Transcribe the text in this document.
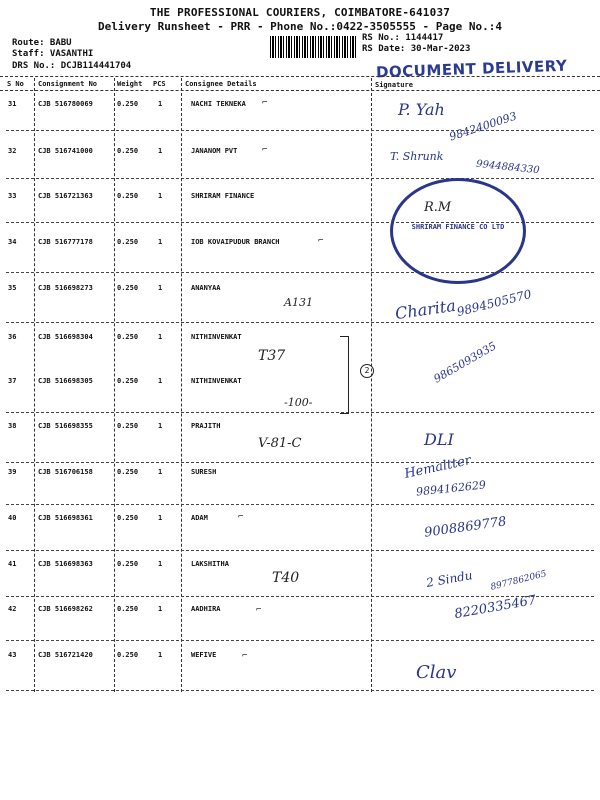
THE PROFESSIONAL COURIERS, COIMBATORE-641037
Delivery Runsheet - PRR - Phone No.:0422-3505555 - Page No.:4
Route: BABU
Staff: VASANTHI
DRS No.: DCJB114441704
RS No.: 1144417
RS Date: 30-Mar-2023
DOCUMENT DELIVERY
S No Consignment No	Weight PCS	Consignee Details	Signature
31	CJB 516780069	0.250	1	NACHI TEKNEKA
32	CJB 516741000	0.250	1	JANANOM PVT
33	CJB 516721363	0.250	1	SHRIRAM FINANCE
34	CJB 516777178	0.250	1	IOB KOVAIPUDUR BRANCH
35	CJB 516698273	0.250	1	ANANYAA
36	CJB 516698304	0.250	1	NITHINVENKAT
37	CJB 516698305	0.250	1	NITHINVENKAT
38	CJB 516698355	0.250	1	PRAJITH
39	CJB 516706158	0.250	1	SURESH
40	CJB 516698361	0.250	1	ADAM
41	CJB 516698363	0.250	1	LAKSHITHA
42	CJB 516698262	0.250	1	AADHIRA
43	CJB 516721420	0.250	1	WEFIVE
⌐
⌐
⌐
⌐
⌐
⌐
A131
T37
-100-
V-81-C
T40
2
SHRIRAM FINANCE CO LTD
P. Yah
9842400093
T. Shrunk
9944884330
R.M
Charita
9894505570
9865093935
DLI
Hemaltter
9894162629
9008869778
2 Sindu 8977862065
8220335467
Clav
